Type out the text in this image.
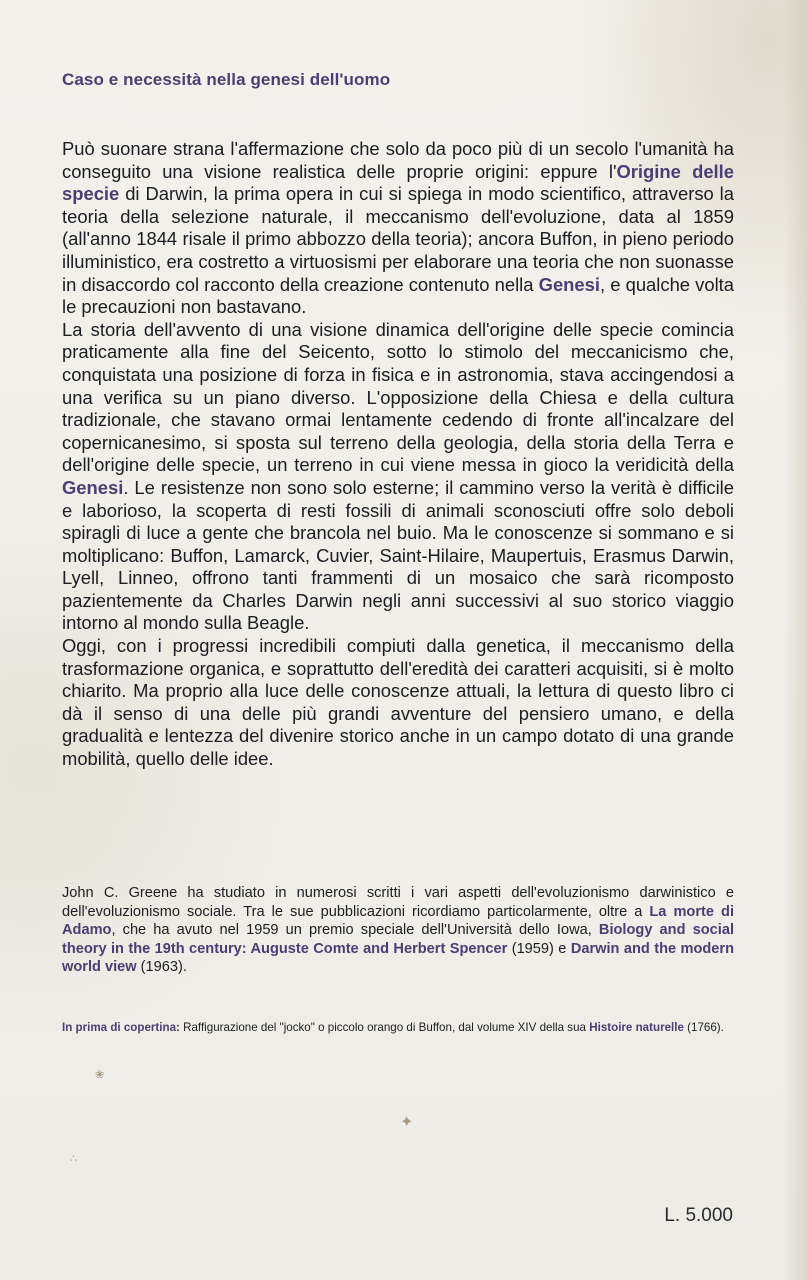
Caso e necessità nella genesi dell'uomo

Può suonare strana l'affermazione che solo da poco più di un secolo l'umanità ha conseguito una visione realistica delle proprie origini: eppure l'Origine delle specie di Darwin, la prima opera in cui si spiega in modo scientifico, attraverso la teoria della selezione naturale, il meccanismo dell'evoluzione, data al 1859 (all'anno 1844 risale il primo abbozzo della teoria); ancora Buffon, in pieno periodo illuministico, era costretto a virtuosismi per elaborare una teoria che non suonasse in disaccordo col racconto della creazione contenuto nella Genesi, e qualche volta le precauzioni non bastavano.

La storia dell'avvento di una visione dinamica dell'origine delle specie comincia praticamente alla fine del Seicento, sotto lo stimolo del meccanicismo che, conquistata una posizione di forza in fisica e in astronomia, stava accingendosi a una verifica su un piano diverso. L'opposizione della Chiesa e della cultura tradizionale, che stavano ormai lentamente cedendo di fronte all'incalzare del copernicanesimo, si sposta sul terreno della geologia, della storia della Terra e dell'origine delle specie, un terreno in cui viene messa in gioco la veridicità della Genesi. Le resistenze non sono solo esterne; il cammino verso la verità è difficile e laborioso, la scoperta di resti fossili di animali sconosciuti offre solo deboli spiragli di luce a gente che brancola nel buio. Ma le conoscenze si sommano e si moltiplicano: Buffon, Lamarck, Cuvier, Saint-Hilaire, Maupertuis, Erasmus Darwin, Lyell, Linneo, offrono tanti frammenti di un mosaico che sarà ricomposto pazientemente da Charles Darwin negli anni successivi al suo storico viaggio intorno al mondo sulla Beagle.

Oggi, con i progressi incredibili compiuti dalla genetica, il meccanismo della trasformazione organica, e soprattutto dell'eredità dei caratteri acquisiti, si è molto chiarito. Ma proprio alla luce delle conoscenze attuali, la lettura di questo libro ci dà il senso di una delle più grandi avventure del pensiero umano, e della gradualità e lentezza del divenire storico anche in un campo dotato di una grande mobilità, quello delle idee.

John C. Greene ha studiato in numerosi scritti i vari aspetti dell'evoluzionismo darwinistico e dell'evoluzionismo sociale. Tra le sue pubblicazioni ricordiamo particolarmente, oltre a La morte di Adamo, che ha avuto nel 1959 un premio speciale dell'Università dello Iowa, Biology and social theory in the 19th century: Auguste Comte and Herbert Spencer (1959) e Darwin and the modern world view (1963).

In prima di copertina: Raffigurazione del "jocko" o piccolo orango di Buffon, dal volume XIV della sua Histoire naturelle (1766).

❀
✦
∴

L. 5.000
